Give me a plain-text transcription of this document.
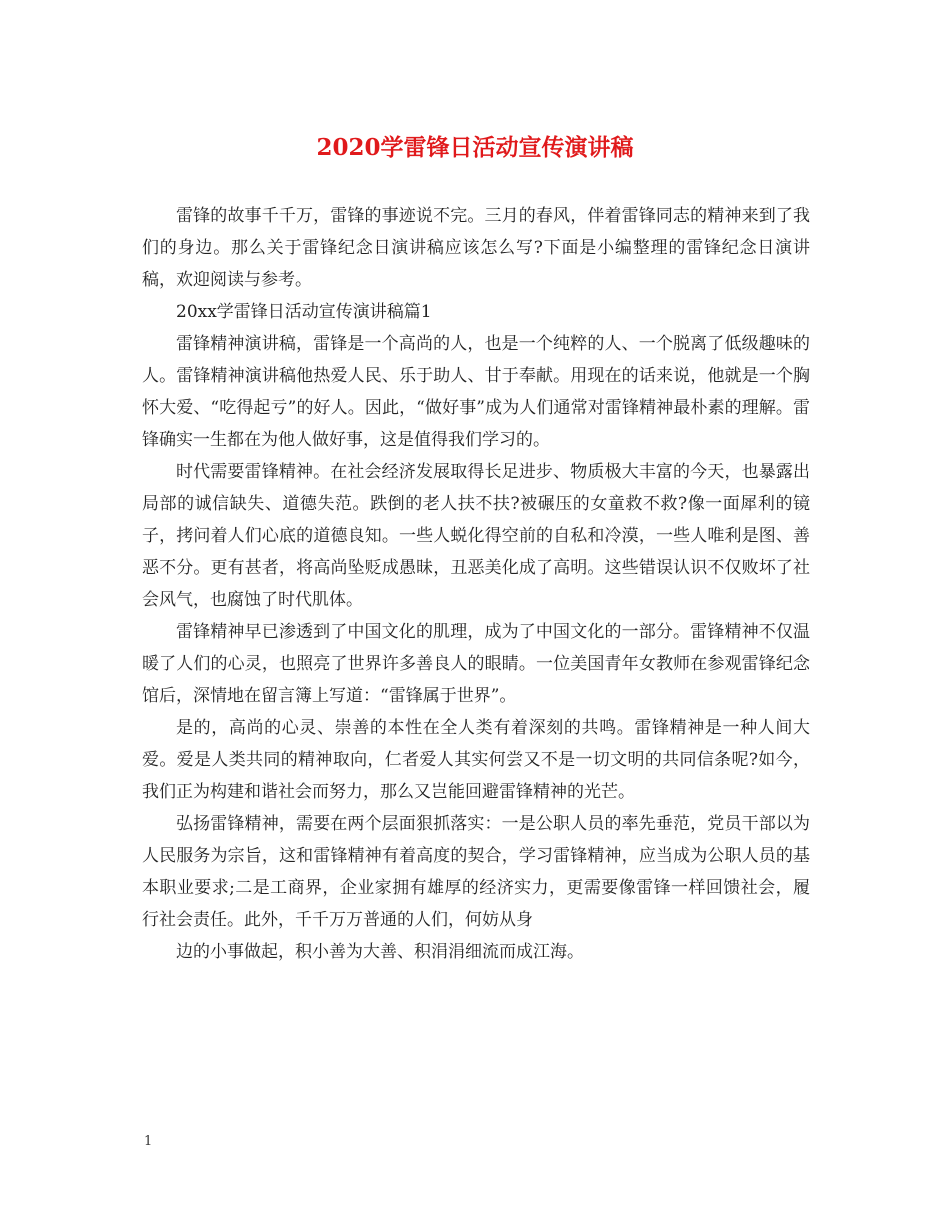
2020学雷锋日活动宣传演讲稿

雷锋的故事千千万，雷锋的事迹说不完。三月的春风，伴着雷锋同志的精神来到了我们的身边。那么关于雷锋纪念日演讲稿应该怎么写?下面是小编整理的雷锋纪念日演讲稿，欢迎阅读与参考。

20xx学雷锋日活动宣传演讲稿篇1

雷锋精神演讲稿，雷锋是一个高尚的人，也是一个纯粹的人、一个脱离了低级趣味的人。雷锋精神演讲稿他热爱人民、乐于助人、甘于奉献。用现在的话来说，他就是一个胸怀大爱、“吃得起亏”的好人。因此，“做好事”成为人们通常对雷锋精神最朴素的理解。雷锋确实一生都在为他人做好事，这是值得我们学习的。

时代需要雷锋精神。在社会经济发展取得长足进步、物质极大丰富的今天，也暴露出局部的诚信缺失、道德失范。跌倒的老人扶不扶?被碾压的女童救不救?像一面犀利的镜子，拷问着人们心底的道德良知。一些人蜕化得空前的自私和冷漠，一些人唯利是图、善恶不分。更有甚者，将高尚坠贬成愚昧，丑恶美化成了高明。这些错误认识不仅败坏了社会风气，也腐蚀了时代肌体。

雷锋精神早已渗透到了中国文化的肌理，成为了中国文化的一部分。雷锋精神不仅温暖了人们的心灵，也照亮了世界许多善良人的眼睛。一位美国青年女教师在参观雷锋纪念馆后，深情地在留言簿上写道：“雷锋属于世界”。

是的，高尚的心灵、崇善的本性在全人类有着深刻的共鸣。雷锋精神是一种人间大爱。爱是人类共同的精神取向，仁者爱人其实何尝又不是一切文明的共同信条呢?如今，我们正为构建和谐社会而努力，那么又岂能回避雷锋精神的光芒。

弘扬雷锋精神，需要在两个层面狠抓落实：一是公职人员的率先垂范，党员干部以为人民服务为宗旨，这和雷锋精神有着高度的契合，学习雷锋精神，应当成为公职人员的基本职业要求;二是工商界，企业家拥有雄厚的经济实力，更需要像雷锋一样回馈社会，履行社会责任。此外，千千万万普通的人们，何妨从身

边的小事做起，积小善为大善、积涓涓细流而成江海。

1
